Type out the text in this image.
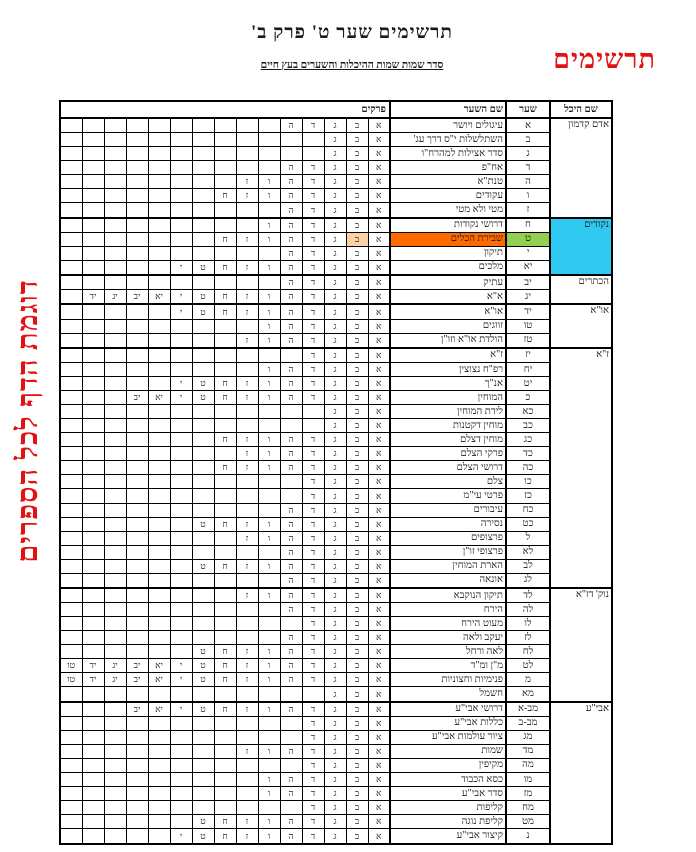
תרשימים שער ט' פרק ב'
סדר שמות שמות ההיכלות והשערים בעץ חיים	תרשימים
דוגמת הדף לכל הספרים
שם היכל	שער	שם השער	פרקים														
אדם קדמון	א	עיגולים ויושר	א	ב	ג	ד	ה										
	ב	השתלשלות י"ס דרך עג'	א	ב	ג												
	ג	סדר אצילות למהרח"ו	א	ב	ג												
	ד	אח"פ	א	ב	ג	ד	ה										
	ה	טנת"א	א	ב	ג	ד	ה	ו	ז								
	ו	עקודים	א	ב	ג	ד	ה	ו	ז	ח							
	ז	מטי ולא מטי	א	ב	ג	ד	ה										
נקודים	ח	דרושי נקודות	א	ב	ג	ד	ה	ו									
	ט	שבירת הכלים	א	ב	ג	ד	ה	ו	ז	ח							
	י	תיקון	א	ב	ג	ד	ה										
	יא	מלכים	א	ב	ג	ד	ה	ו	ז	ח	ט	י					
הכתרים	יב	עתיק	א	ב	ג	ד	ה										
	יג	א"א	א	ב	ג	ד	ה	ו	ז	ח	ט	י	יא	יב	יג	יד	
או"א	יד	או"א	א	ב	ג	ד	ה	ו	ז	ח	ט	י					
	טו	זווגים	א	ב	ג	ד	ה	ו									
	טז	הולדת או"א וזו"ן	א	ב	ג	ד	ה	ו	ז								
ז"א	יז	ז"א	א	ב	ג	ד											
	יח	רפ"ח נצוצין	א	ב	ג	ד	ה	ו									
	יט	אנ"ך	א	ב	ג	ד	ה	ו	ז	ח	ט	י					
	כ	המוחין	א	ב	ג	ד	ה	ו	ז	ח	ט	י	יא	יב			
	כא	לידת המוחין	א	ב	ג												
	כב	מוחין דקטנות	א	ב	ג												
	כג	מוחין דצלם	א	ב	ג	ד	ה	ו	ז	ח							
	כד	פרקי הצלם	א	ב	ג	ד	ה	ו	ז								
	כה	דרושי הצלם	א	ב	ג	ד	ה	ו	ז	ח							
	כו	צלם	א	ב	ג	ד											
	כז	פרטי עי"מ	א	ב	ג	ד											
	כח	עיבורים	א	ב	ג	ד	ה										
	כט	נסירה	א	ב	ג	ד	ה	ו	ז	ח	ט						
	ל	פרצופים	א	ב	ג	ד	ה	ו	ז								
	לא	פרצופי זו"ן	א	ב	ג	ד	ה										
	לב	הארת המוחין	א	ב	ג	ד	ה	ו	ז	ח	ט						
	לג	אונאה	א	ב	ג	ד	ה										
נוק' דז"א	לד	תיקון הנוקבא	א	ב	ג	ד	ה	ו	ז								
	לה	הירח	א	ב	ג	ד	ה										
	לו	מעוט הירח	א	ב	ג	ד											
	לז	יעקב ולאה	א	ב	ג	ד	ה										
	לח	לאה ורחל	א	ב	ג	ד	ה	ו	ז	ח	ט						
	לט	מ"ן ומ"ד	א	ב	ג	ד	ה	ו	ז	ח	ט	י	יא	יב	יג	יד	טו
	מ	פנימיות וחצוניות	א	ב	ג	ד	ה	ו	ז	ח	ט	י	יא	יב	יג	יד	טו
	מא	חשמל	א	ב	ג												
אבי"ע	מב-א	דרושי אבי"ע	א	ב	ג	ד	ה	ו	ז	ח	ט	י	יא	יב			
	מב-ב	כללות אבי"ע	א	ב	ג	ד											
	מג	ציור עולמות אבי"ע	א	ב	ג	ד											
	מד	שמות	א	ב	ג	ד	ה	ו	ז								
	מה	מקיפין	א	ב	ג	ד											
	מו	כסא הכבוד	א	ב	ג	ד	ה	ו									
	מז	סדר אבי"ע	א	ב	ג	ד	ה	ו									
	מח	קליפות	א	ב	ג	ד											
	מט	קליפת נוגה	א	ב	ג	ד	ה	ו	ז	ח	ט						
	נ	קיצור אבי"ע	א	ב	ג	ד	ה	ו	ז	ח	ט	י					
